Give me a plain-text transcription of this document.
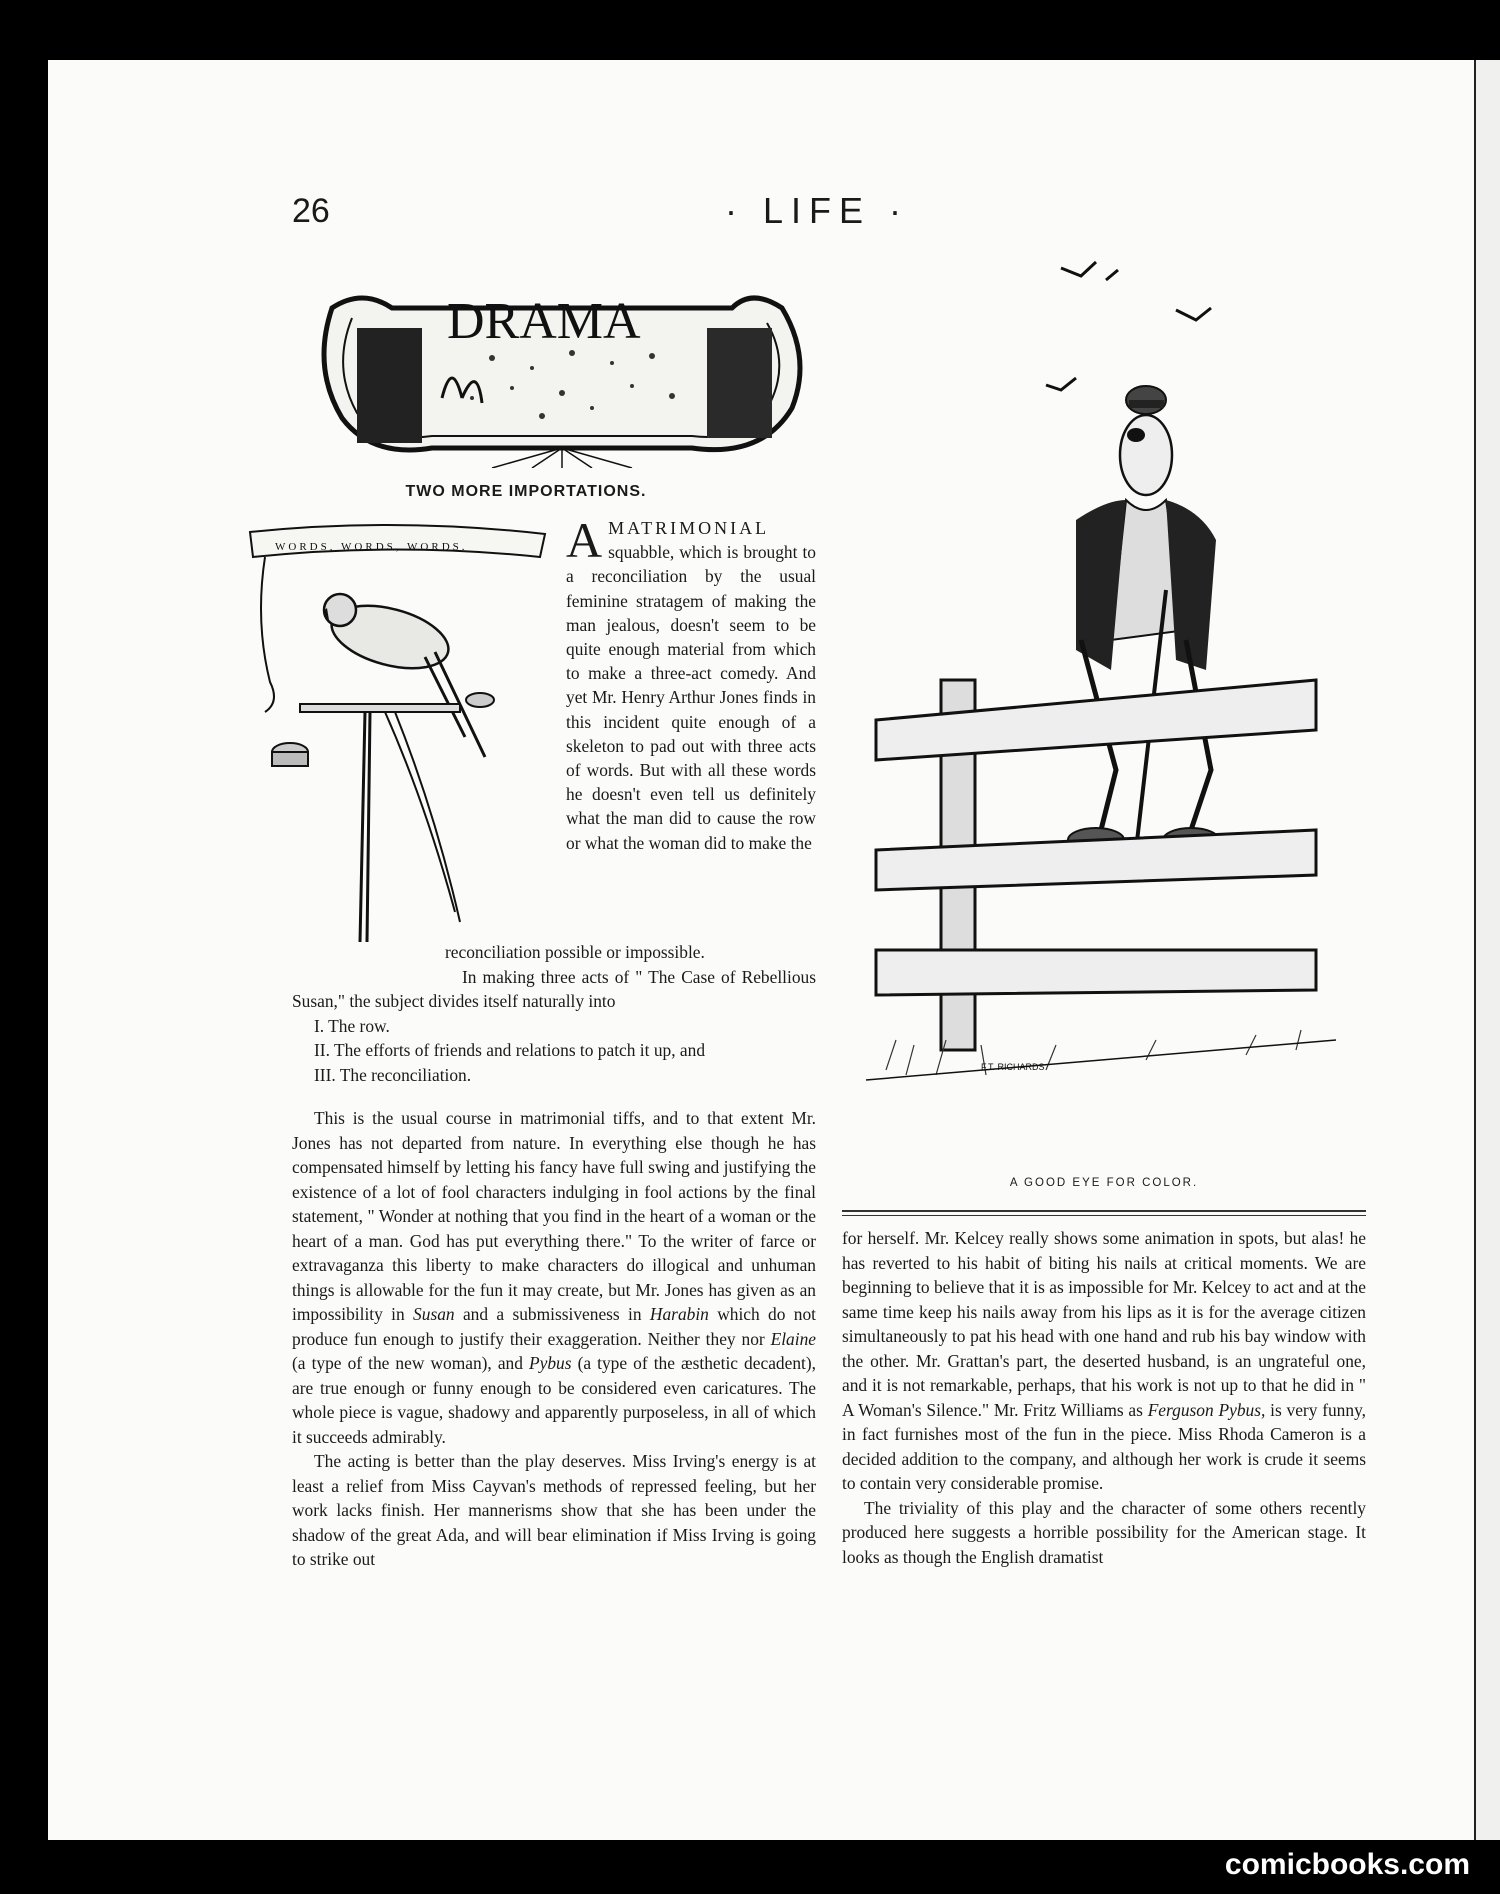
26	· LIFE ·
DRAMA
TWO MORE IMPORTATIONS.
WORDS, WORDS, WORDS. A MATRIMONIAL squabble, which is brought to a reconciliation by the usual feminine stratagem of making the man jealous, doesn't seem to be quite enough material from which to make a three-act comedy. And yet Mr. Henry Arthur Jones finds in this incident quite enough of a skeleton to pad out with three acts of words. But with all these words he doesn't even tell us definitely what the man did to cause the row or what the woman did to make the

reconciliation possible or impossible.

In making three acts of " The Case of Rebellious Susan," the subject divides itself naturally into

I. The row.

II. The efforts of friends and relations to patch it up, and

III. The reconciliation.

This is the usual course in matrimonial tiffs, and to that extent Mr. Jones has not departed from nature. In everything else though he has compensated himself by letting his fancy have full swing and justifying the existence of a lot of fool characters indulging in fool actions by the final statement, " Wonder at nothing that you find in the heart of a woman or the heart of a man. God has put everything there." To the writer of farce or extravaganza this liberty to make characters do illogical and unhuman things is allowable for the fun it may create, but Mr. Jones has given as an impossibility in Susan and a submissiveness in Harabin which do not produce fun enough to justify their exaggeration. Neither they nor Elaine (a type of the new woman), and Pybus (a type of the æsthetic decadent), are true enough or funny enough to be considered even caricatures. The whole piece is vague, shadowy and apparently purposeless, in all of which it succeeds admirably.

The acting is better than the play deserves. Miss Irving's energy is at least a relief from Miss Cayvan's methods of repressed feeling, but her work lacks finish. Her mannerisms show that she has been under the shadow of the great Ada, and will bear elimination if Miss Irving is going to strike out

F.T. RICHARDS
A GOOD EYE FOR COLOR.

for herself. Mr. Kelcey really shows some animation in spots, but alas! he has reverted to his habit of biting his nails at critical moments. We are beginning to believe that it is as impossible for Mr. Kelcey to act and at the same time keep his nails away from his lips as it is for the average citizen simultaneously to pat his head with one hand and rub his bay window with the other. Mr. Grattan's part, the deserted husband, is an ungrateful one, and it is not remarkable, perhaps, that his work is not up to that he did in " A Woman's Silence." Mr. Fritz Williams as Ferguson Pybus, is very funny, in fact furnishes most of the fun in the piece. Miss Rhoda Cameron is a decided addition to the company, and although her work is crude it seems to contain very considerable promise.

The triviality of this play and the character of some others recently produced here suggests a horrible possibility for the American stage. It looks as though the English dramatist

comicbooks.com
